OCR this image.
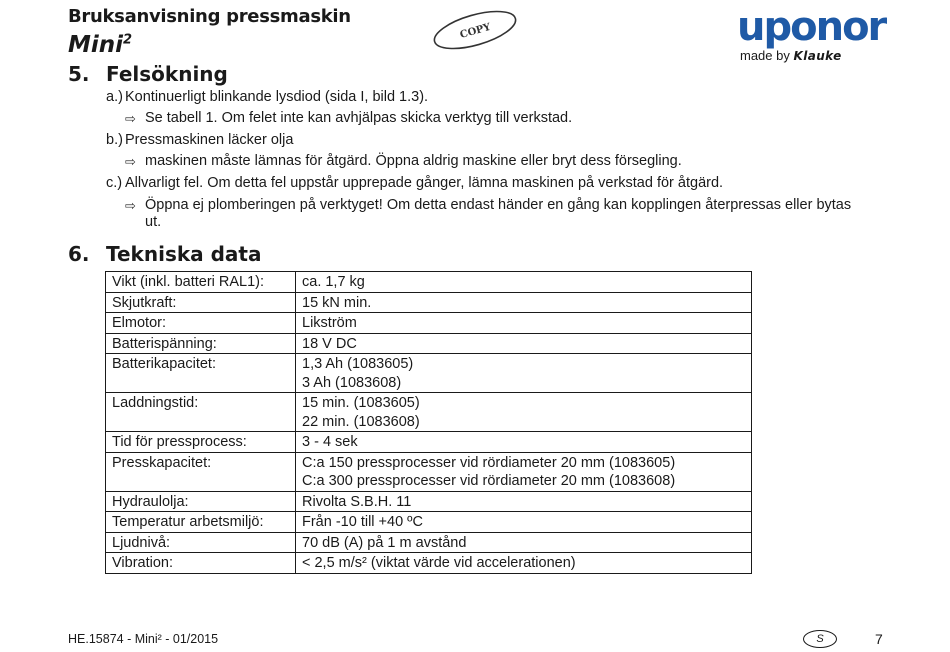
Bruksanvisning pressmaskin
Mini$^2$	COPY	uponor
made by Klauke
5. Felsökning
a.) Kontinuerligt blinkande lysdiod (sida I, bild 1.3).
⇨ Se tabell 1. Om felet inte kan avhjälpas skicka verktyg till verkstad.
b.) Pressmaskinen läcker olja
⇨ maskinen måste lämnas för åtgärd. Öppna aldrig maskine eller bryt dess försegling.
c.) Allvarligt fel. Om detta fel uppstår upprepade gånger, lämna maskinen på verkstad för åtgärd.
⇨ Öppna ej plomberingen på verktyget! Om detta endast händer en gång kan kopplingen återpressas eller bytas
ut.
6. Tekniska data
Vikt (inkl. batteri RAL1):	ca. 1,7 kg

Skjutkraft:	15 kN min.

Elmotor:	Likström

Batterispänning:	18 V DC

Batterikapacitet:	1,3 Ah (1083605)
3 Ah (1083608)

Laddningstid:	15 min. (1083605)
22 min. (1083608)

Tid för pressprocess:	3 - 4 sek

Presskapacitet:	C:a 150 pressprocesser vid rördiameter 20 mm (1083605)
C:a 300 pressprocesser vid rördiameter 20 mm (1083608)

Hydraulolja:	Rivolta S.B.H. 11

Temperatur arbetsmiljö:	Från -10 till +40 ºC

Ljudnivå:	70 dB (A) på 1 m avstånd

Vibration:	< 2,5 m/s² (viktat värde vid accelerationen)
HE.15874 - Mini² - 01/2015	S	7
